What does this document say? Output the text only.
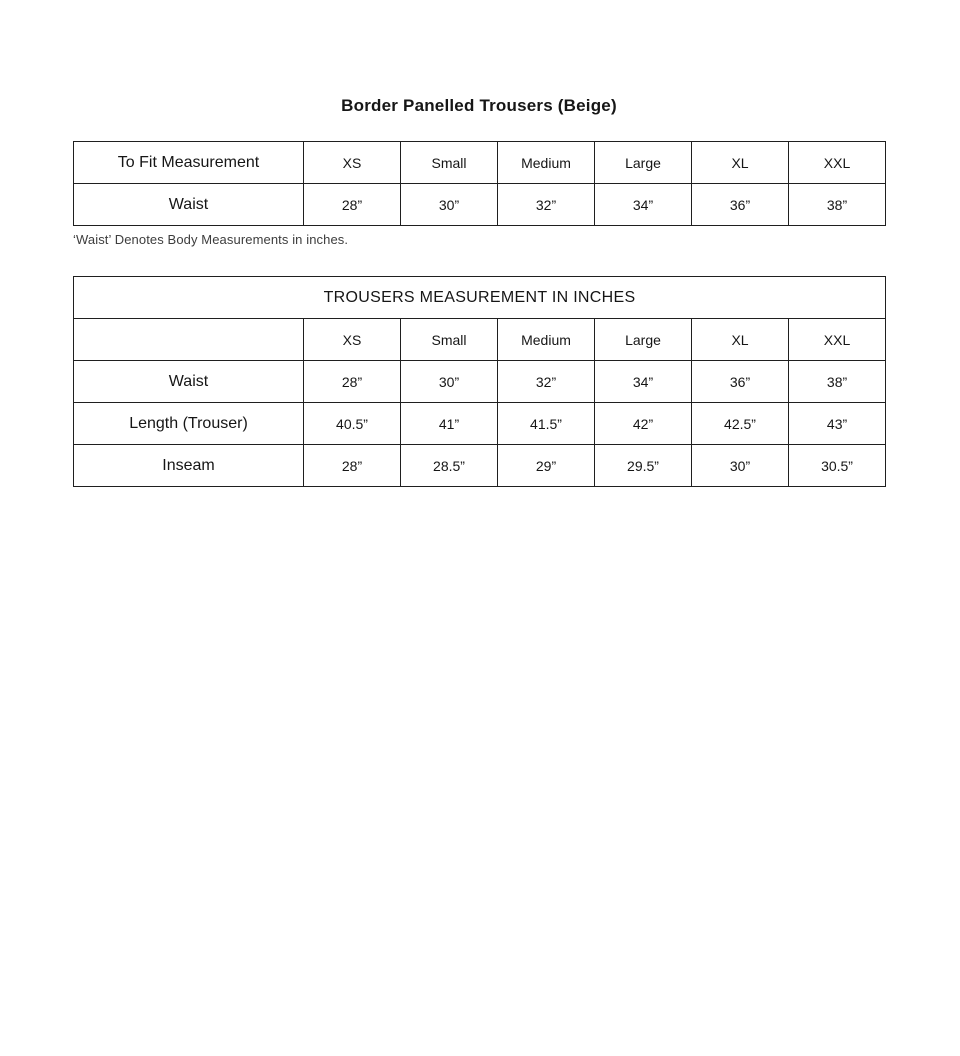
Border Panelled Trousers (Beige)
To Fit Measurement	XS	Small	Medium	Large	XL	XXL
Waist	28”	30”	32”	34”	36”	38”
‘Waist’ Denotes Body Measurements in inches.
TROUSERS MEASUREMENT IN INCHES						
	XS	Small	Medium	Large	XL	XXL
Waist	28”	30”	32”	34”	36”	38”
Length (Trouser)	40.5”	41”	41.5”	42”	42.5”	43”
Inseam	28”	28.5”	29”	29.5”	30”	30.5”
